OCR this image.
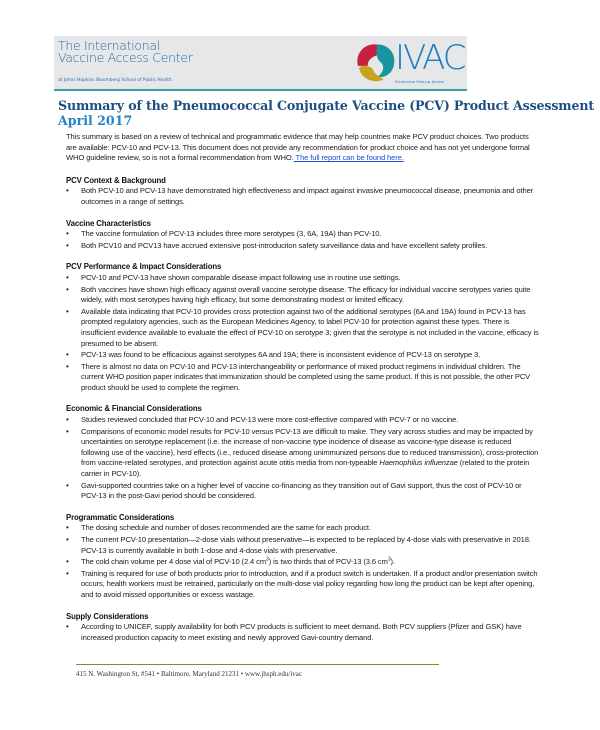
The International
Vaccine Access Center
at Johns Hopkins Bloomberg School of Public Health
IVAC
Evidence ► Policy ► Access
Summary of the Pneumococcal Conjugate Vaccine (PCV) Product Assessment
April 2017

This summary is based on a review of technical and programmatic evidence that may help countries make PCV product choices. Two products are available: PCV-10 and PCV-13. This document does not provide any recommendation for product choice and has not yet undergone formal WHO guideline review, so is not a formal recommendation from WHO. The full report can be found here.

PCV Context & Background
• Both PCV-10 and PCV-13 have demonstrated high effectiveness and impact against invasive pneumococcal disease, pneumonia and other outcomes in a range of settings.
Vaccine Characteristics
• The vaccine formulation of PCV-13 includes three more serotypes (3, 6A, 19A) than PCV-10.
• Both PCV10 and PCV13 have accrued extensive post-introduciton safety surveillance data and have excellent safety profiles.
PCV Performance & Impact Considerations
• PCV-10 and PCV-13 have shown comparable disease impact following use in routine use settings.
• Both vaccines have shown high efficacy against overall vaccine serotype disease. The efficacy for individual vaccine serotypes varies quite widely, with most serotypes having high efficacy, but some demonstrating modest or limited efficacy.
• Available data indicating that PCV-10 provides cross protection against two of the additional serotypes (6A and 19A) found in PCV-13 has prompted regulatory agencies, such as the European Medicines Agency, to label PCV-10 for protection against these types. There is insufficient evidence available to evaluate the effect of PCV-10 on serotype 3; given that the serotype is not included in the vaccine, efficacy is presumed to be absent.
• PCV-13 was found to be efficacious against serotypes 6A and 19A; there is inconsistent evidence of PCV-13 on serotype 3.
• There is almost no data on PCV-10 and PCV-13 interchangeability or performance of mixed product regimens in individual children. The current WHO position paper indicates that immunization should be completed using the same product. If this is not possible, the other PCV product should be used to complete the regimen.
Economic & Financial Considerations
• Studies reviewed concluded that PCV-10 and PCV-13 were more cost-effective compared with PCV-7 or no vaccine.
• Comparisons of economic model results for PCV-10 versus PCV-13 are difficult to make. They vary across studies and may be impacted by uncertainties on serotype replacement (i.e. the increase of non-vaccine type incidence of disease as vaccine-type disease is reduced following use of the vaccine), herd effects (i.e., reduced disease among unimmunized persons due to reduced transmission), cross-protection from vaccine-related serotypes, and protection against acute otitis media from non-typeable Haemophilus influenzae (related to the protein carrier in PCV-10).
• Gavi-supported countries take on a higher level of vaccine co-financing as they transition out of Gavi support, thus the cost of PCV-10 or PCV-13 in the post-Gavi period should be considered.
Programmatic Considerations
• The dosing schedule and number of doses recommended are the same for each product.
• The current PCV-10 presentation—2-dose vials without preservative—is expected to be replaced by 4-dose vials with preservative in 2018. PCV-13 is currently available in both 1-dose and 4-dose vials with preservative.
• The cold chain volume per 4 dose vial of PCV-10 (2.4 $cm^3$) is two thirds that of PCV-13 (3.6 $cm^3$).
• Training is required for use of both products prior to introduction, and if a product switch is undertaken. If a product and/or presentation switch occurs, health workers must be retrained, particularly on the multi-dose vial policy regarding how long the product can be kept after opening, and to avoid missed opportunities or excess wastage.
Supply Considerations
• According to UNICEF, supply availability for both PCV products is sufficient to meet demand. Both PCV suppliers (Pfizer and GSK) have increased production capacity to meet existing and newly approved Gavi-country demand.
415 N. Washington St, #541 • Baltimore, Maryland 21231 • www.jhsph.edu/ivac
